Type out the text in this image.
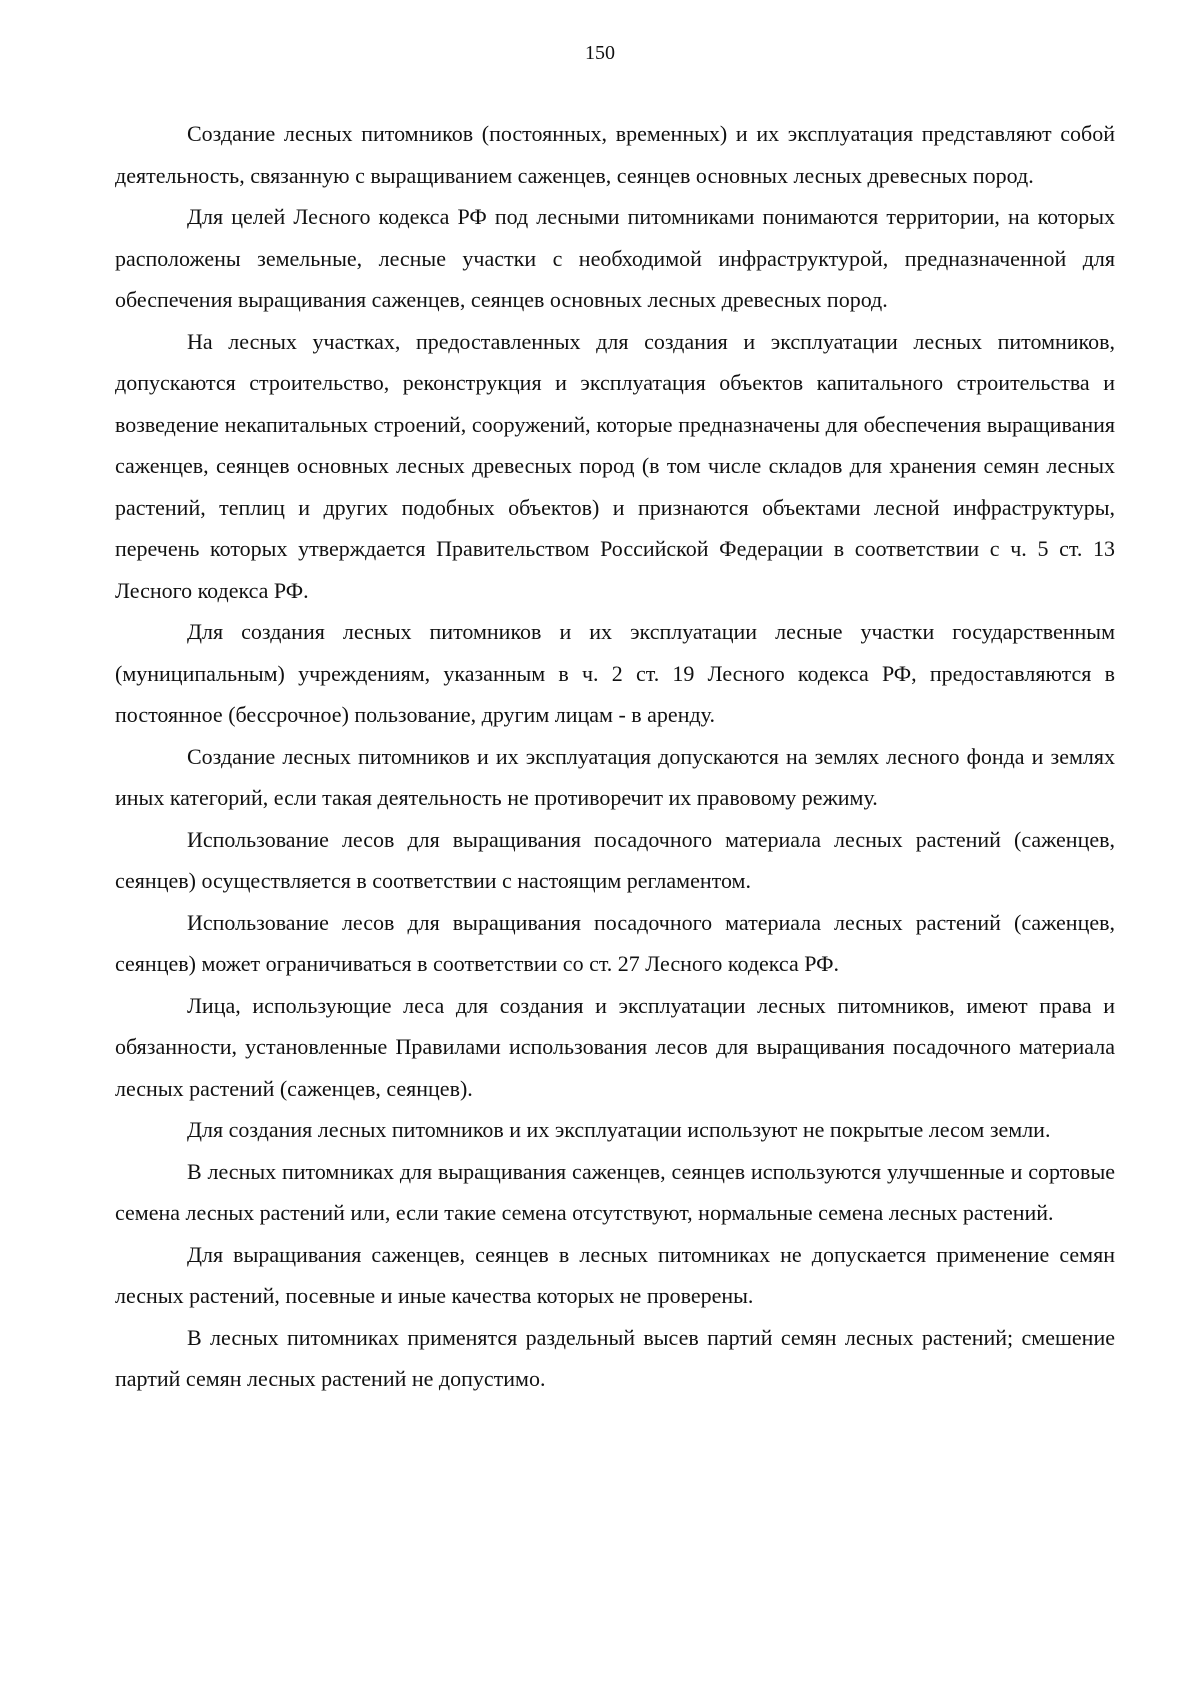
150

Создание лесных питомников (постоянных, временных) и их эксплуатация представляют собой деятельность, связанную с выращиванием саженцев, сеянцев основных лесных древесных пород.

Для целей Лесного кодекса РФ под лесными питомниками понимаются территории, на которых расположены земельные, лесные участки с необходимой инфраструктурой, предназначенной для обеспечения выращивания саженцев, сеянцев основных лесных древесных пород.

На лесных участках, предоставленных для создания и эксплуатации лесных питомников, допускаются строительство, реконструкция и эксплуатация объектов капитального строительства и возведение некапитальных строений, сооружений, которые предназначены для обеспечения выращивания саженцев, сеянцев основных лесных древесных пород (в том числе складов для хранения семян лесных растений, теплиц и других подобных объектов) и признаются объектами лесной инфраструктуры, перечень которых утверждается Правительством Российской Федерации в соответствии с ч. 5 ст. 13 Лесного кодекса РФ.

Для создания лесных питомников и их эксплуатации лесные участки государственным (муниципальным) учреждениям, указанным в ч. 2 ст. 19 Лесного кодекса РФ, предоставляются в постоянное (бессрочное) пользование, другим лицам - в аренду.

Создание лесных питомников и их эксплуатация допускаются на землях лесного фонда и землях иных категорий, если такая деятельность не противоречит их правовому режиму.

Использование лесов для выращивания посадочного материала лесных растений (саженцев, сеянцев) осуществляется в соответствии с настоящим регламентом.

Использование лесов для выращивания посадочного материала лесных растений (саженцев, сеянцев) может ограничиваться в соответствии со ст. 27 Лесного кодекса РФ.

Лица, использующие леса для создания и эксплуатации лесных питомников, имеют права и обязанности, установленные Правилами использования лесов для выращивания посадочного материала лесных растений (саженцев, сеянцев).

Для создания лесных питомников и их эксплуатации используют не покрытые лесом земли.

В лесных питомниках для выращивания саженцев, сеянцев используются улучшенные и сортовые семена лесных растений или, если такие семена отсутствуют, нормальные семена лесных растений.

Для выращивания саженцев, сеянцев в лесных питомниках не допускается применение семян лесных растений, посевные и иные качества которых не проверены.

В лесных питомниках применятся раздельный высев партий семян лесных растений; смешение партий семян лесных растений не допустимо.
